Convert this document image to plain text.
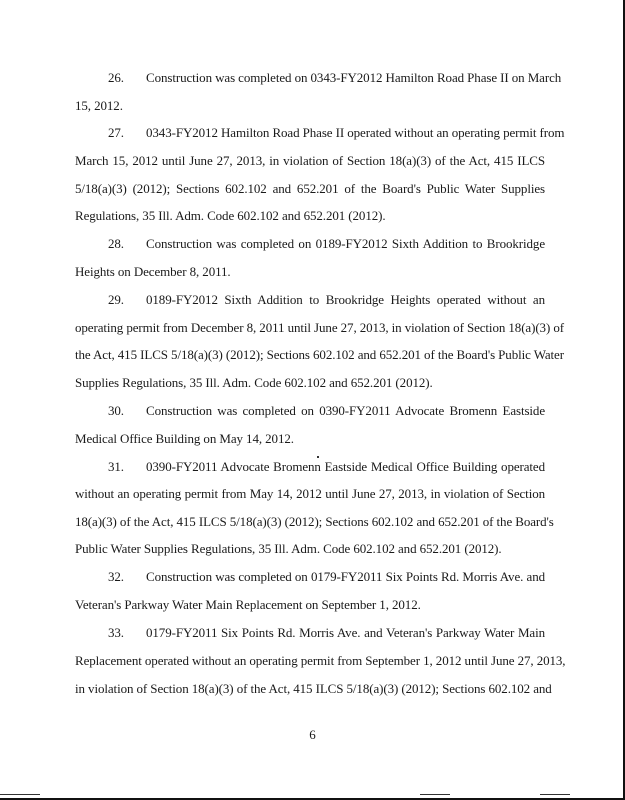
26. Construction was completed on 0343-FY2012 Hamilton Road Phase II on March
15, 2012.
27. 0343-FY2012 Hamilton Road Phase II operated without an operating permit from
March 15, 2012 until June 27, 2013, in violation of Section 18(a)(3) of the Act, 415 ILCS
5/18(a)(3) (2012); Sections 602.102 and 652.201 of the Board's Public Water Supplies
Regulations, 35 Ill. Adm. Code 602.102 and 652.201 (2012).
28. Construction was completed on 0189-FY2012 Sixth Addition to Brookridge
Heights on December 8, 2011.
29. 0189-FY2012 Sixth Addition to Brookridge Heights operated without an
operating permit from December 8, 2011 until June 27, 2013, in violation of Section 18(a)(3) of
the Act, 415 ILCS 5/18(a)(3) (2012); Sections 602.102 and 652.201 of the Board's Public Water
Supplies Regulations, 35 Ill. Adm. Code 602.102 and 652.201 (2012).
30. Construction was completed on 0390-FY2011 Advocate Bromenn Eastside
Medical Office Building on May 14, 2012.
31. 0390-FY2011 Advocate Bromenn Eastside Medical Office Building operated
without an operating permit from May 14, 2012 until June 27, 2013, in violation of Section
18(a)(3) of the Act, 415 ILCS 5/18(a)(3) (2012); Sections 602.102 and 652.201 of the Board's
Public Water Supplies Regulations, 35 Ill. Adm. Code 602.102 and 652.201 (2012).
32. Construction was completed on 0179-FY2011 Six Points Rd. Morris Ave. and
Veteran's Parkway Water Main Replacement on September 1, 2012.
33. 0179-FY2011 Six Points Rd. Morris Ave. and Veteran's Parkway Water Main
Replacement operated without an operating permit from September 1, 2012 until June 27, 2013,
in violation of Section 18(a)(3) of the Act, 415 ILCS 5/18(a)(3) (2012); Sections 602.102 and
6
